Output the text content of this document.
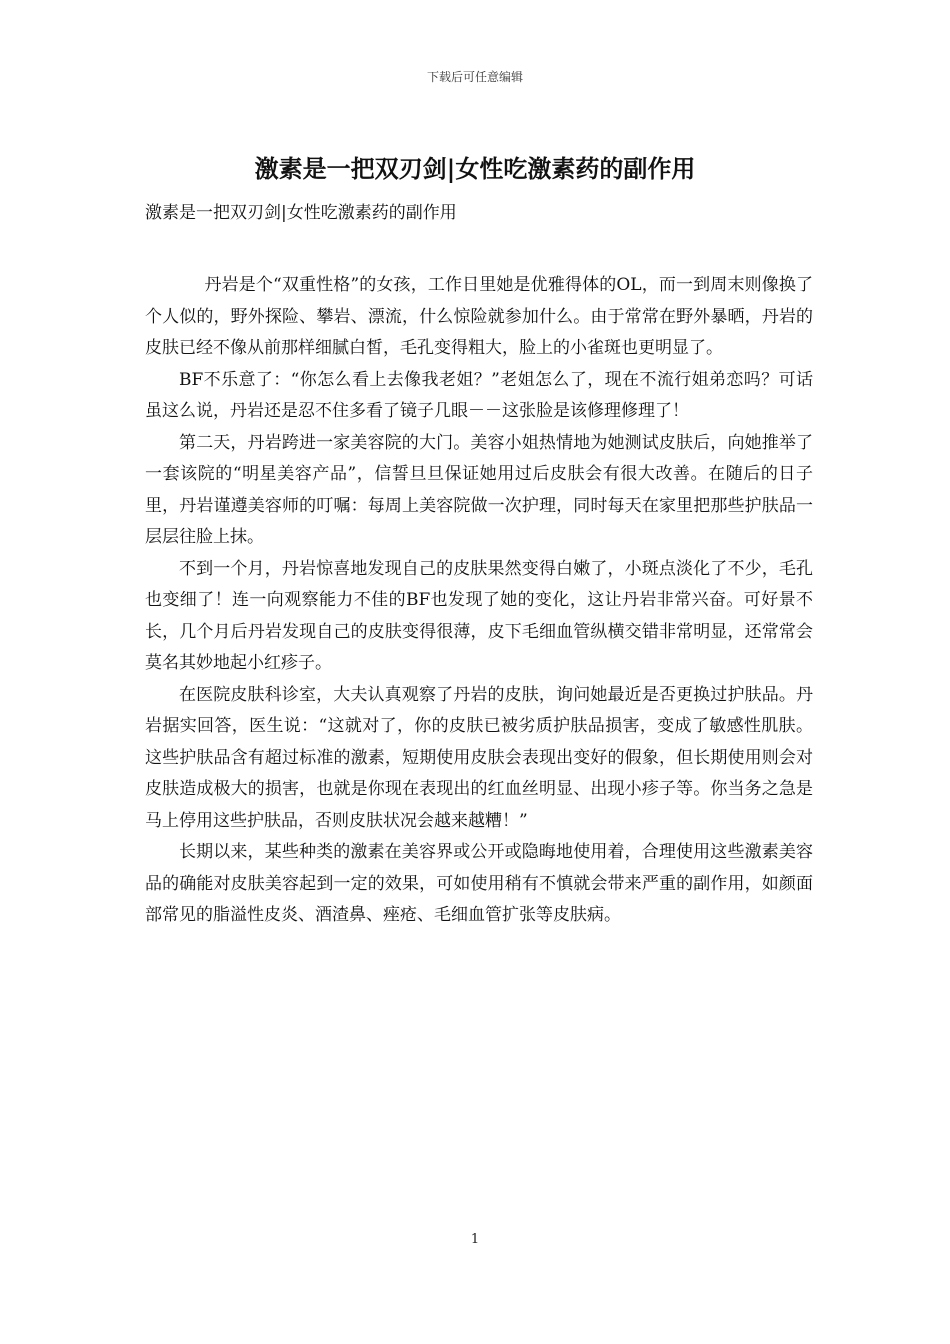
下载后可任意编辑
激素是一把双刃剑|女性吃激素药的副作用

激素是一把双刃剑|女性吃激素药的副作用

丹岩是个“双重性格”的女孩，工作日里她是优雅得体的OL，而一到周末则像换了个人似的，野外探险、攀岩、漂流，什么惊险就参加什么。由于常常在野外暴晒，丹岩的皮肤已经不像从前那样细腻白皙，毛孔变得粗大，脸上的小雀斑也更明显了。

BF不乐意了：“你怎么看上去像我老姐？”老姐怎么了，现在不流行姐弟恋吗？可话虽这么说，丹岩还是忍不住多看了镜子几眼－－这张脸是该修理修理了！

第二天，丹岩跨进一家美容院的大门。美容小姐热情地为她测试皮肤后，向她推举了一套该院的“明星美容产品”，信誓旦旦保证她用过后皮肤会有很大改善。在随后的日子里，丹岩谨遵美容师的叮嘱：每周上美容院做一次护理，同时每天在家里把那些护肤品一层层往脸上抹。

不到一个月，丹岩惊喜地发现自己的皮肤果然变得白嫩了，小斑点淡化了不少，毛孔也变细了！连一向观察能力不佳的BF也发现了她的变化，这让丹岩非常兴奋。可好景不长，几个月后丹岩发现自己的皮肤变得很薄，皮下毛细血管纵横交错非常明显，还常常会莫名其妙地起小红疹子。

在医院皮肤科诊室，大夫认真观察了丹岩的皮肤，询问她最近是否更换过护肤品。丹岩据实回答，医生说：“这就对了，你的皮肤已被劣质护肤品损害，变成了敏感性肌肤。这些护肤品含有超过标准的激素，短期使用皮肤会表现出变好的假象，但长期使用则会对皮肤造成极大的损害，也就是你现在表现出的红血丝明显、出现小疹子等。你当务之急是马上停用这些护肤品，否则皮肤状况会越来越糟！”

长期以来，某些种类的激素在美容界或公开或隐晦地使用着，合理使用这些激素美容品的确能对皮肤美容起到一定的效果，可如使用稍有不慎就会带来严重的副作用，如颜面部常见的脂溢性皮炎、酒渣鼻、痤疮、毛细血管扩张等皮肤病。

1
